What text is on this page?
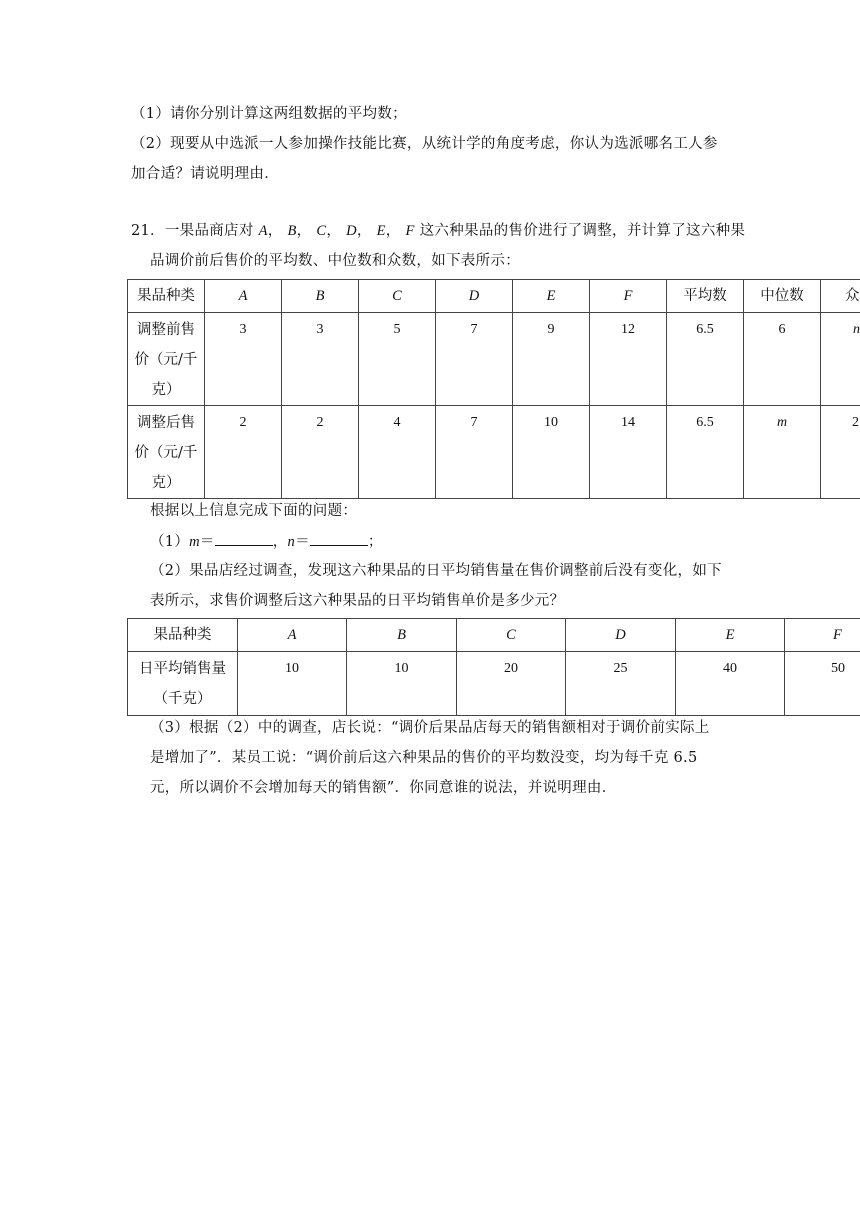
（1）请你分别计算这两组数据的平均数；
（2）现要从中选派一人参加操作技能比赛，从统计学的角度考虑，你认为选派哪名工人参
加合适？请说明理由．
21．一果品商店对 A， B， C， D， E， F 这六种果品的售价进行了调整，并计算了这六种果
品调价前后售价的平均数、中位数和众数，如下表所示：
果品种类	A	B	C	D	E	F	平均数	中位数	众

调整前售
价（元/千
克）	3	3	5	7	9	12	6.5	6	n

调整后售
价（元/千
克）	2	2	4	7	10	14	6.5	m	2
根据以上信息完成下面的问题：
（1）m＝	，n＝	；
（2）果品店经过调查，发现这六种果品的日平均销售量在售价调整前后没有变化，如下
表所示，求售价调整后这六种果品的日平均销售单价是多少元？
果品种类	A	B	C	D	E	F

日平均销售量
（千克）	10	10	20	25	40	50
（3）根据（2）中的调查，店长说：“调价后果品店每天的销售额相对于调价前实际上
是增加了”．某员工说：“调价前后这六种果品的售价的平均数没变，均为每千克 6.5
元，所以调价不会增加每天的销售额”．你同意谁的说法，并说明理由．
